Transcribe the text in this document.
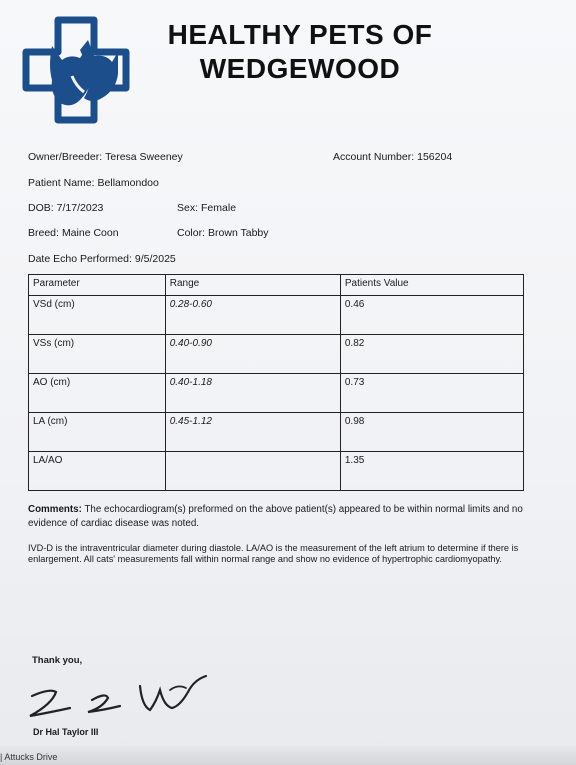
HEALTHY PETS OF
WEDGEWOOD
Owner/Breeder: Teresa Sweeney	Account Number: 156204
Patient Name: Bellamondoo
DOB: 7/17/2023	Sex: Female
Breed: Maine Coon	Color: Brown Tabby
Date Echo Performed: 9/5/2025
Parameter	Range	Patients Value
VSd (cm)	0.28-0.60	0.46
VSs (cm)	0.40-0.90	0.82
AO (cm)	0.40-1.18	0.73
LA (cm)	0.45-1.12	0.98
LA/AO		1.35
Comments: The echocardiogram(s) preformed on the above patient(s) appeared to be within normal limits and no evidence of cardiac disease was noted.
IVD-D is the intraventricular diameter during diastole. LA/AO is the measurement of the left atrium to determine if there is enlargement. All cats' measurements fall within normal range and show no evidence of hypertrophic cardiomyopathy.
Thank you,
Dr Hal Taylor III
| Attucks Drive
